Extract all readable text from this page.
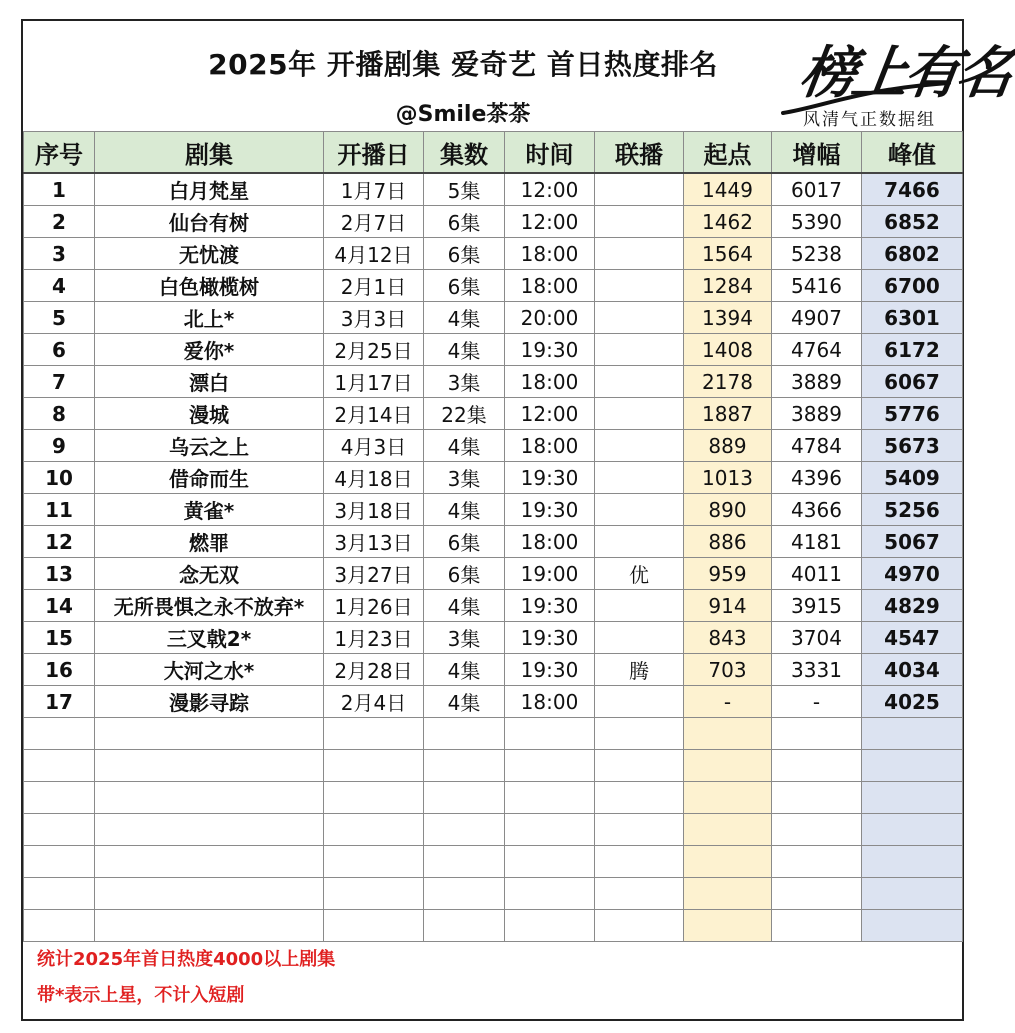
2025年 开播剧集 爱奇艺 首日热度排名
@Smile茶茶
榜上有名
风清气正数据组
序号	剧集	开播日	集数	时间	联播	起点	增幅	峰值
1	白月梵星	1月7日	5集	12:00		1449	6017	7466
2	仙台有树	2月7日	6集	12:00		1462	5390	6852
3	无忧渡	4月12日	6集	18:00		1564	5238	6802
4	白色橄榄树	2月1日	6集	18:00		1284	5416	6700
5	北上*	3月3日	4集	20:00		1394	4907	6301
6	爱你*	2月25日	4集	19:30		1408	4764	6172
7	漂白	1月17日	3集	18:00		2178	3889	6067
8	漫城	2月14日	22集	12:00		1887	3889	5776
9	乌云之上	4月3日	4集	18:00		889	4784	5673
10	借命而生	4月18日	3集	19:30		1013	4396	5409
11	黄雀*	3月18日	4集	19:30		890	4366	5256
12	燃罪	3月13日	6集	18:00		886	4181	5067
13	念无双	3月27日	6集	19:00	优	959	4011	4970
14	无所畏惧之永不放弃*	1月26日	4集	19:30		914	3915	4829
15	三叉戟2*	1月23日	3集	19:30		843	3704	4547
16	大河之水*	2月28日	4集	19:30	腾	703	3331	4034
17	漫影寻踪	2月4日	4集	18:00		-	-	4025

统计2025年首日热度4000以上剧集
带*表示上星，不计入短剧
